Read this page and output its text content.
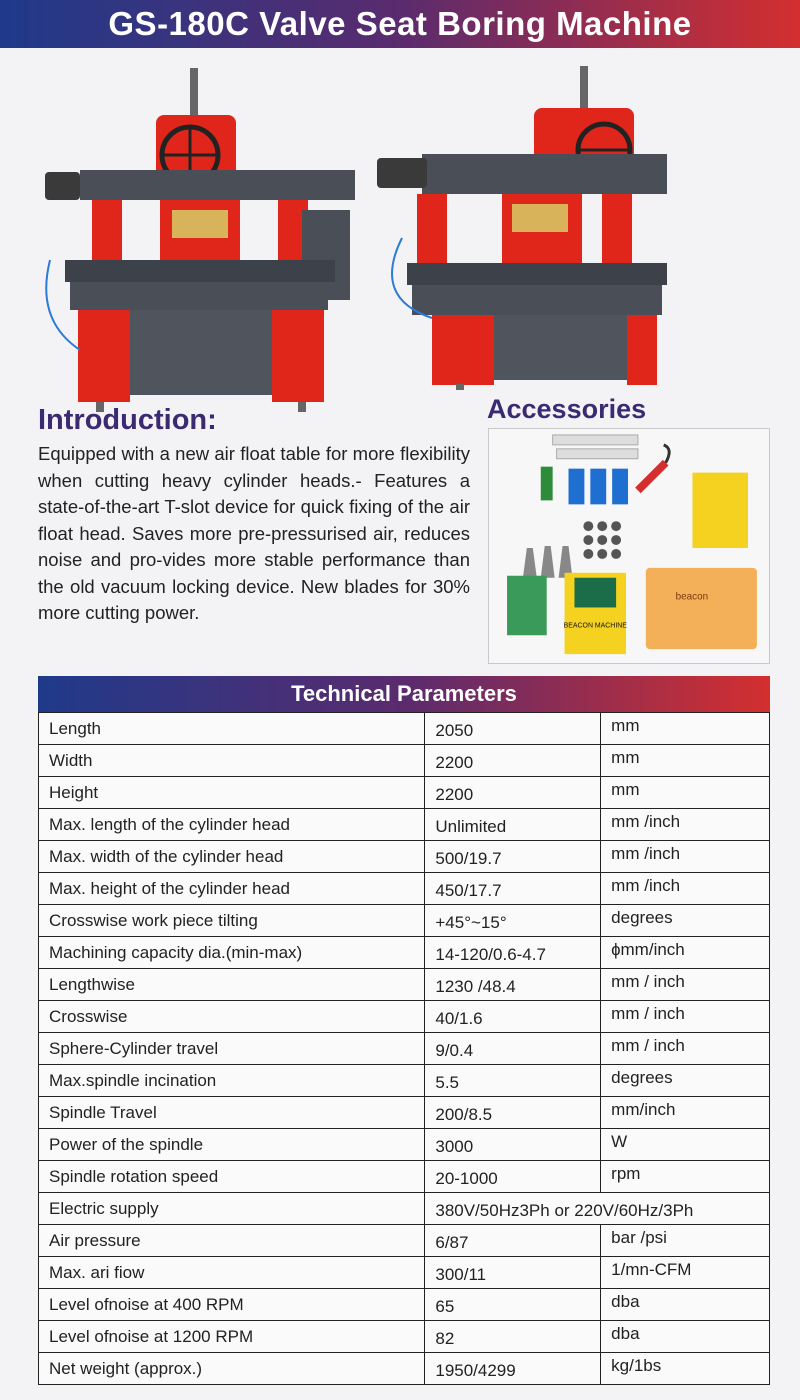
GS-180C Valve Seat Boring Machine
Introduction:

Equipped with a new air float table for more flexibility when cutting heavy cylinder heads.- Features a state-of-the-art T-slot device for quick fixing of the air float head. Saves more pre-pressurised air, reduces noise and pro-vides more stable performance than the old vacuum locking device. New blades for 30% more cutting power.

Accessories
BEACON MACHINE
beacon
Technical Parameters
Length	2050	mm
Width	2200	mm
Height	2200	mm
Max. length of the cylinder head	Unlimited	mm /inch
Max. width of the cylinder head	500/19.7	mm /inch
Max. height of the cylinder head	450/17.7	mm /inch
Crosswise work piece tilting	+45°~15°	degrees
Machining capacity dia.(min-max)	14-120/0.6-4.7	ɸmm/inch
Lengthwise	1230 /48.4	mm / inch
Crosswise	40/1.6	mm / inch
Sphere-Cylinder travel	9/0.4	mm / inch
Max.spindle incination	5.5	degrees
Spindle Travel	200/8.5	mm/inch
Power of the spindle	3000	W
Spindle rotation speed	20-1000	rpm
Electric supply	380V/50Hz3Ph or 220V/60Hz/3Ph	
Air pressure	6/87	bar /psi
Max. ari fiow	300/11	1/mn-CFM
Level ofnoise at 400 RPM	65	dba
Level ofnoise at 1200 RPM	82	dba
Net weight (approx.)	1950/4299	kg/1bs
